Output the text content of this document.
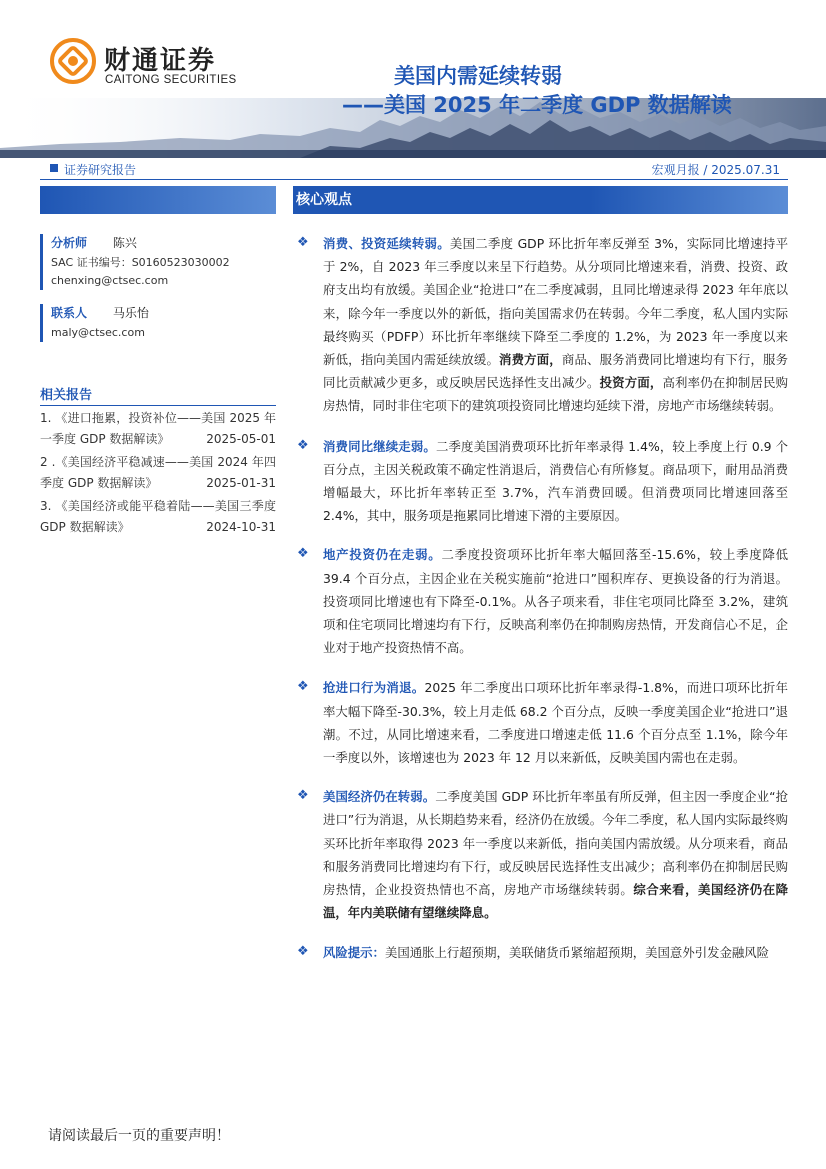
财通证券
CAITONG SECURITIES	美国内需延续转弱
——美国 2025 年二季度 GDP 数据解读
证券研究报告	宏观月报 / 2025.07.31
分析师 陈兴
SAC 证书编号：S0160523030002
chenxing@ctsec.com
联系人 马乐怡
maly@ctsec.com
相关报告
1. 《进口拖累，投资补位——美国 2025 年一季度 GDP 数据解读》	2025-05-01
2 .《美国经济平稳减速——美国 2024 年四季度 GDP 数据解读》	2025-01-31
3. 《美国经济或能平稳着陆——美国三季度 GDP 数据解读》	2024-10-31
核心观点
❖ 消费、投资延续转弱。美国二季度 GDP 环比折年率反弹至 3%，实际同比增速持平于 2%，自 2023 年三季度以来呈下行趋势。从分项同比增速来看，消费、投资、政府支出均有放缓。美国企业“抢进口”在二季度减弱，且同比增速录得 2023 年年底以来，除今年一季度以外的新低，指向美国需求仍在转弱。今年二季度，私人国内实际最终购买（PDFP）环比折年率继续下降至二季度的 1.2%，为 2023 年一季度以来新低，指向美国内需延续放缓。消费方面，商品、服务消费同比增速均有下行，服务同比贡献减少更多，或反映居民选择性支出减少。投资方面，高利率仍在抑制居民购房热情，同时非住宅项下的建筑项投资同比增速均延续下滑，房地产市场继续转弱。
❖ 消费同比继续走弱。二季度美国消费项环比折年率录得 1.4%，较上季度上行 0.9 个百分点，主因关税政策不确定性消退后，消费信心有所修复。商品项下，耐用品消费增幅最大，环比折年率转正至 3.7%，汽车消费回暖。但消费项同比增速回落至 2.4%，其中，服务项是拖累同比增速下滑的主要原因。
❖ 地产投资仍在走弱。二季度投资项环比折年率大幅回落至-15.6%，较上季度降低 39.4 个百分点，主因企业在关税实施前“抢进口”囤积库存、更换设备的行为消退。投资项同比增速也有下降至-0.1%。从各子项来看，非住宅项同比降至 3.2%，建筑项和住宅项同比增速均有下行，反映高利率仍在抑制购房热情，开发商信心不足，企业对于地产投资热情不高。
❖ 抢进口行为消退。2025 年二季度出口项环比折年率录得-1.8%，而进口项环比折年率大幅下降至-30.3%，较上月走低 68.2 个百分点，反映一季度美国企业“抢进口”退潮。不过，从同比增速来看，二季度进口增速走低 11.6 个百分点至 1.1%，除今年一季度以外，该增速也为 2023 年 12 月以来新低，反映美国内需也在走弱。
❖ 美国经济仍在转弱。二季度美国 GDP 环比折年率虽有所反弹，但主因一季度企业“抢进口”行为消退，从长期趋势来看，经济仍在放缓。今年二季度，私人国内实际最终购买环比折年率取得 2023 年一季度以来新低，指向美国内需放缓。从分项来看，商品和服务消费同比增速均有下行，或反映居民选择性支出减少；高利率仍在抑制居民购房热情，企业投资热情也不高，房地产市场继续转弱。综合来看，美国经济仍在降温，年内美联储有望继续降息。
❖ 风险提示：美国通胀上行超预期，美联储货币紧缩超预期，美国意外引发金融风险
请阅读最后一页的重要声明！
